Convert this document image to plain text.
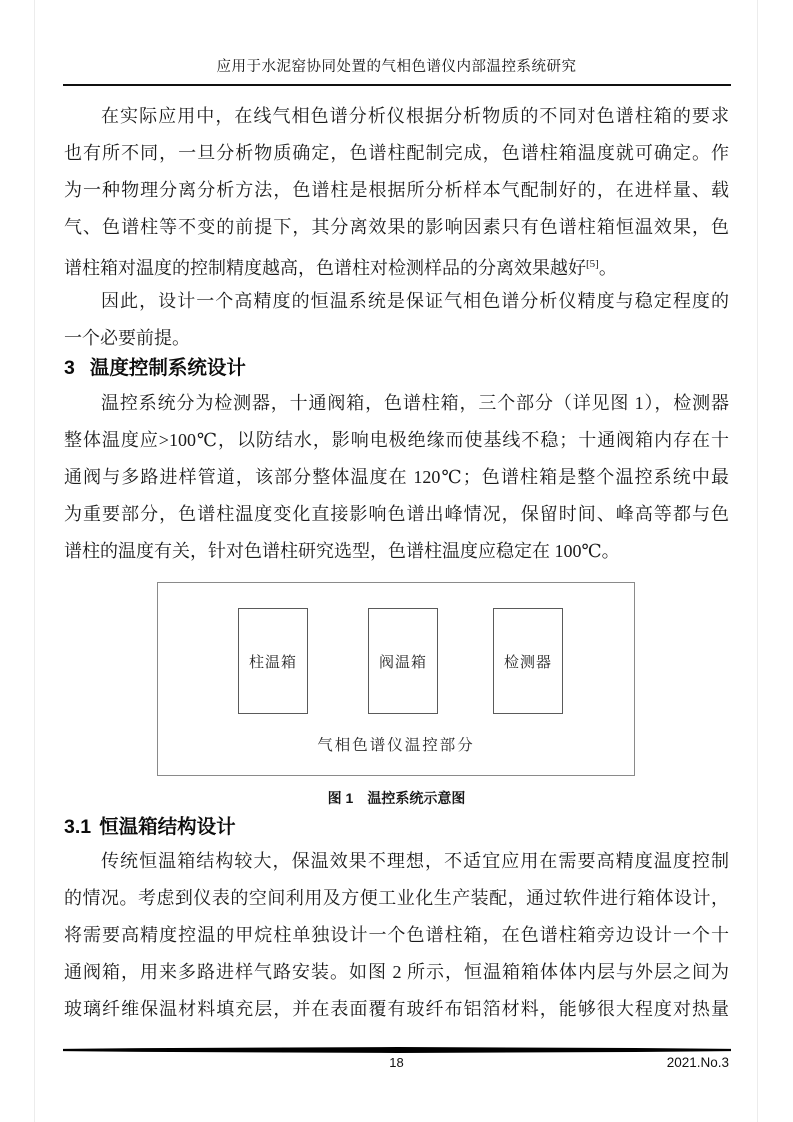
应用于水泥窑协同处置的气相色谱仪内部温控系统研究
在实际应用中，在线气相色谱分析仪根据分析物质的不同对色谱柱箱的要求
也有所不同，一旦分析物质确定，色谱柱配制完成，色谱柱箱温度就可确定。作
为一种物理分离分析方法，色谱柱是根据所分析样本气配制好的，在进样量、载
气、色谱柱等不变的前提下，其分离效果的影响因素只有色谱柱箱恒温效果，色
谱柱箱对温度的控制精度越高，色谱柱对检测样品的分离效果越好[5]。
因此，设计一个高精度的恒温系统是保证气相色谱分析仪精度与稳定程度的
一个必要前提。
3 温度控制系统设计
温控系统分为检测器，十通阀箱，色谱柱箱，三个部分（详见图 1），检测器
整体温度应>100℃，以防结水，影响电极绝缘而使基线不稳；十通阀箱内存在十
通阀与多路进样管道，该部分整体温度在 120℃；色谱柱箱是整个温控系统中最
为重要部分，色谱柱温度变化直接影响色谱出峰情况，保留时间、峰高等都与色
谱柱的温度有关，针对色谱柱研究选型，色谱柱温度应稳定在 100℃。
柱温箱	阀温箱	检测器
气相色谱仪温控部分
图 1 温控系统示意图
3.1 恒温箱结构设计
传统恒温箱结构较大，保温效果不理想，不适宜应用在需要高精度温度控制
的情况。考虑到仪表的空间利用及方便工业化生产装配，通过软件进行箱体设计，
将需要高精度控温的甲烷柱单独设计一个色谱柱箱，在色谱柱箱旁边设计一个十
通阀箱，用来多路进样气路安装。如图 2 所示，恒温箱箱体体内层与外层之间为
玻璃纤维保温材料填充层，并在表面覆有玻纤布铝箔材料，能够很大程度对热量
18	2021.No.3
